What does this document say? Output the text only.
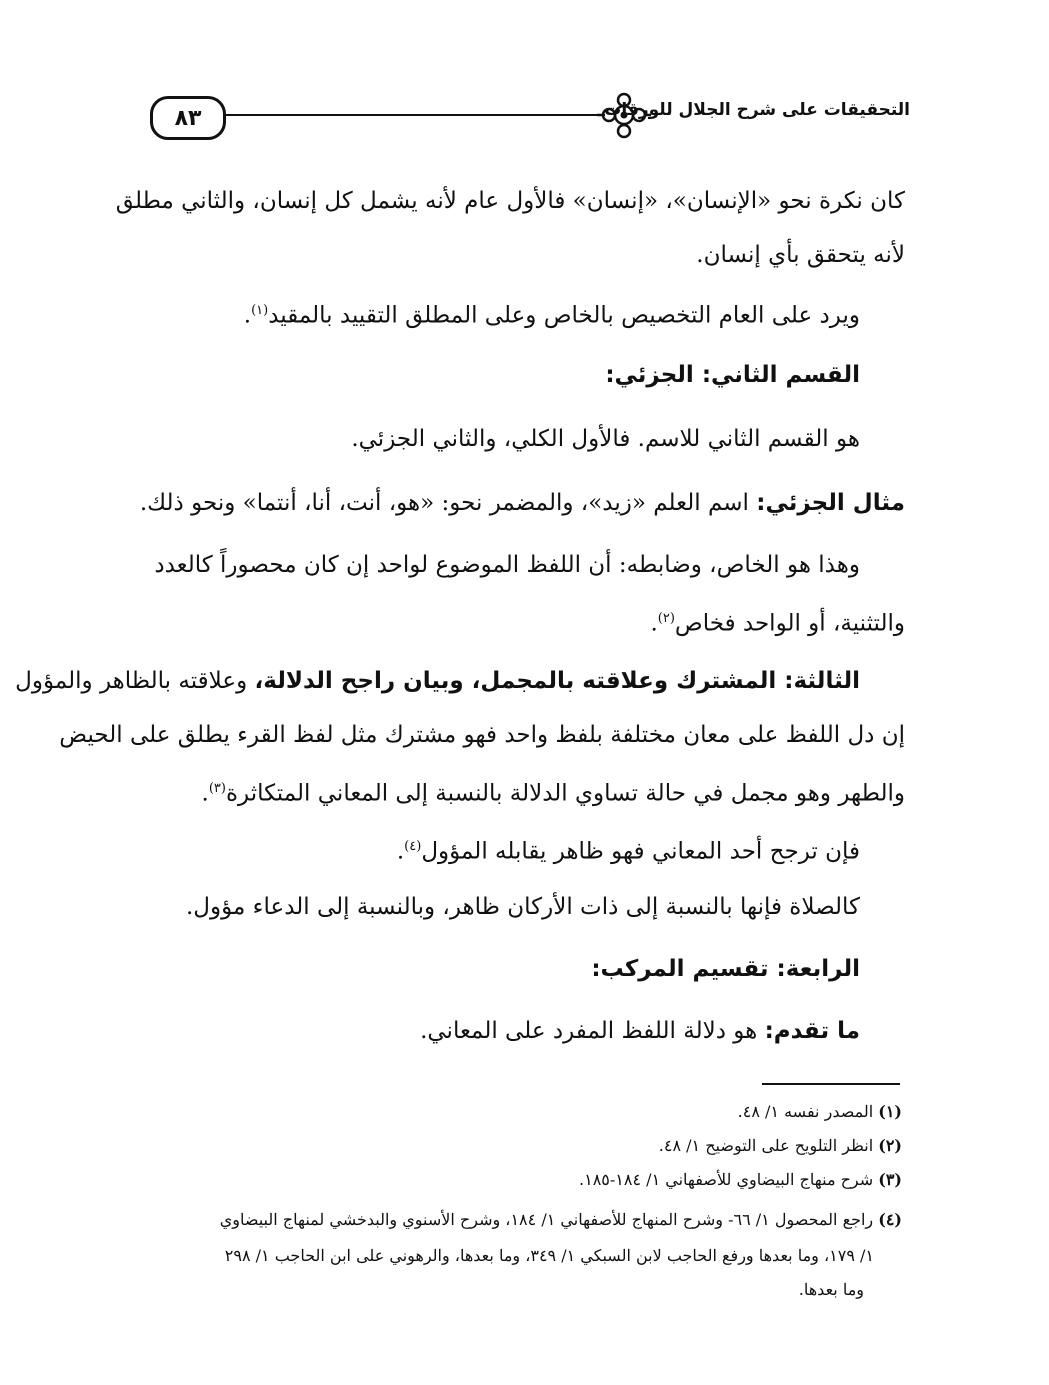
٨٣	التحقيقات على شرح الجلال للورقات
كان نكرة نحو «الإنسان»، «إنسان» فالأول عام لأنه يشمل كل إنسان، والثاني مطلق
لأنه يتحقق بأي إنسان.
ويرد على العام التخصيص بالخاص وعلى المطلق التقييد بالمقيد$^{(١)}$.
القسم الثاني: الجزئي:
هو القسم الثاني للاسم. فالأول الكلي، والثاني الجزئي.
مثال الجزئي: اسم العلم «زيد»، والمضمر نحو: «هو، أنت، أنا، أنتما» ونحو ذلك.
وهذا هو الخاص، وضابطه: أن اللفظ الموضوع لواحد إن كان محصوراً كالعدد
والتثنية، أو الواحد فخاص$^{(٢)}$.
الثالثة: المشترك وعلاقته بالمجمل، وبيان راجح الدلالة، وعلاقته بالظاهر والمؤول
إن دل اللفظ على معان مختلفة بلفظ واحد فهو مشترك مثل لفظ القرء يطلق على الحيض
والطهر وهو مجمل في حالة تساوي الدلالة بالنسبة إلى المعاني المتكاثرة$^{(٣)}$.
فإن ترجح أحد المعاني فهو ظاهر يقابله المؤول$^{(٤)}$.
كالصلاة فإنها بالنسبة إلى ذات الأركان ظاهر، وبالنسبة إلى الدعاء مؤول.
الرابعة: تقسيم المركب:
ما تقدم: هو دلالة اللفظ المفرد على المعاني.
(١) المصدر نفسه ١/ ٤٨.
(٢) انظر التلويح على التوضيح ١/ ٤٨.
(٣) شرح منهاج البيضاوي للأصفهاني ١/ ١٨٤-١٨٥.
(٤) راجع المحصول ١/ ٦٦- وشرح المنهاج للأصفهاني ١/ ١٨٤، وشرح الأسنوي والبدخشي لمنهاج البيضاوي
١/ ١٧٩، وما بعدها ورفع الحاجب لابن السبكي ١/ ٣٤٩، وما بعدها، والرهوني على ابن الحاجب ١/ ٢٩٨
وما بعدها.
